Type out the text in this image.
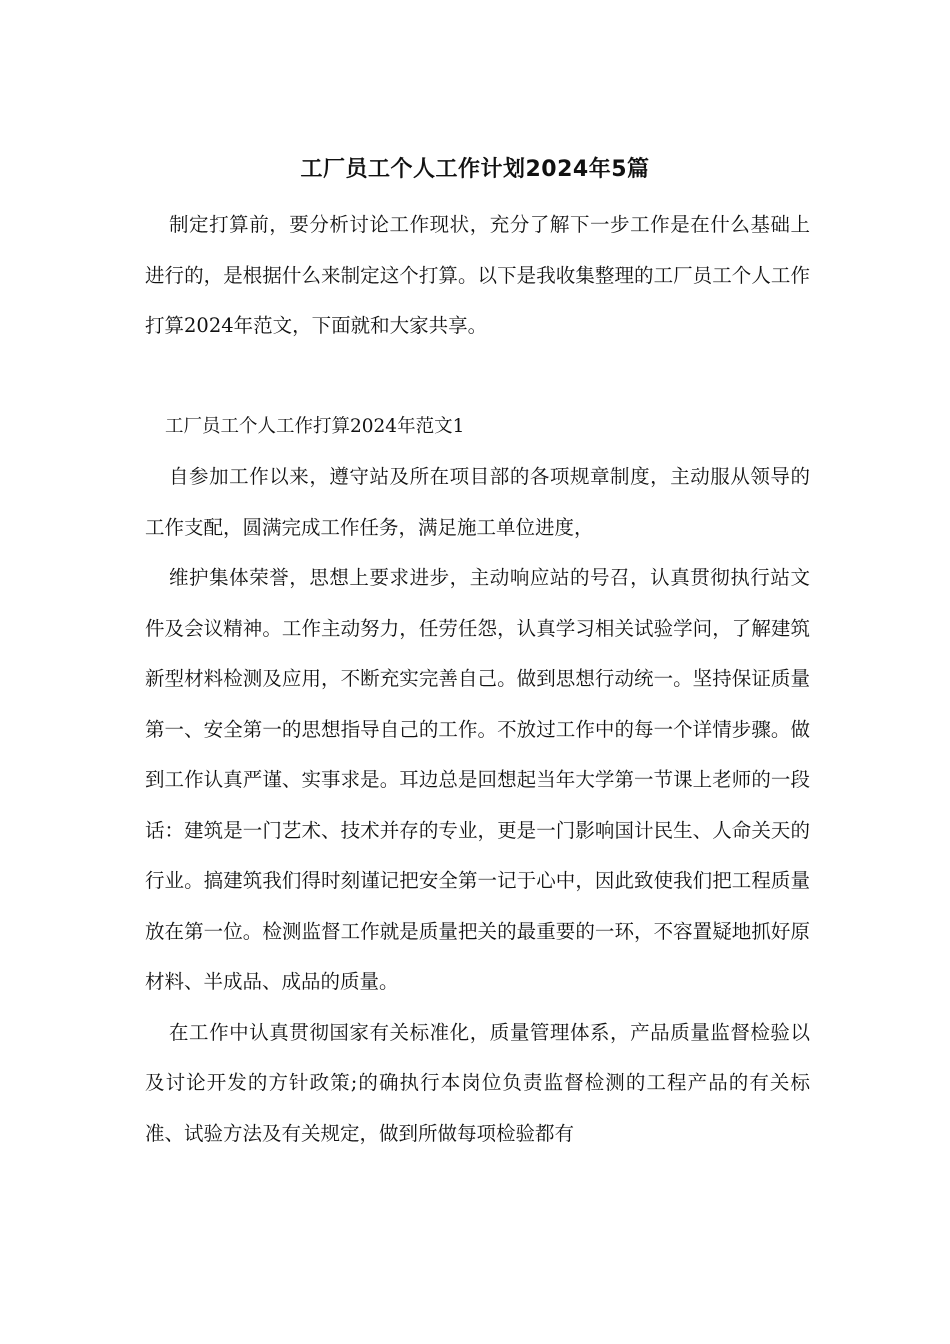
工厂员工个人工作计划2024年5篇

制定打算前，要分析讨论工作现状，充分了解下一步工作是在什么基础上进行的，是根据什么来制定这个打算。以下是我收集整理的工厂员工个人工作打算2024年范文，下面就和大家共享。

工厂员工个人工作打算2024年范文1

自参加工作以来，遵守站及所在项目部的各项规章制度，主动服从领导的工作支配，圆满完成工作任务，满足施工单位进度，

维护集体荣誉，思想上要求进步，主动响应站的号召，认真贯彻执行站文件及会议精神。工作主动努力，任劳任怨，认真学习相关试验学问，了解建筑新型材料检测及应用，不断充实完善自己。做到思想行动统一。坚持保证质量第一、安全第一的思想指导自己的工作。不放过工作中的每一个详情步骤。做到工作认真严谨、实事求是。耳边总是回想起当年大学第一节课上老师的一段话：建筑是一门艺术、技术并存的专业，更是一门影响国计民生、人命关天的行业。搞建筑我们得时刻谨记把安全第一记于心中，因此致使我们把工程质量放在第一位。检测监督工作就是质量把关的最重要的一环，不容置疑地抓好原材料、半成品、成品的质量。

在工作中认真贯彻国家有关标准化，质量管理体系，产品质量监督检验以及讨论开发的方针政策;的确执行本岗位负责监督检测的工程产品的有关标准、试验方法及有关规定，做到所做每项检验都有
